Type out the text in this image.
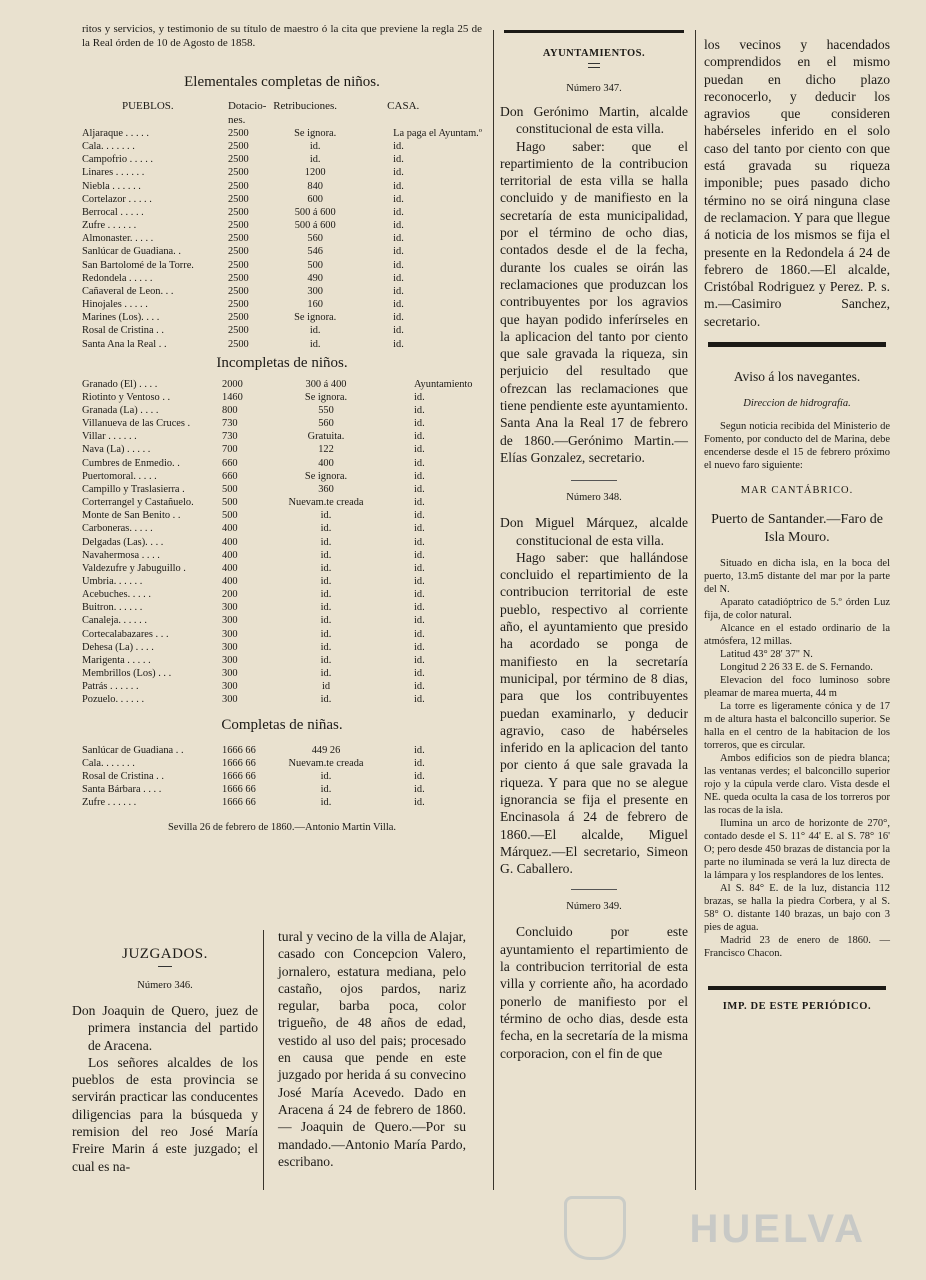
ritos y servicios, y testimonio de su título de maestro ó la cita que previene la regla 25 de la Real órden de 10 de Agosto de 1858.

Elementales completas de niños.
PUEBLOS.	Dotacio-nes.	Retribuciones.	CASA.
Aljaraque . . . . .	2500	Se ignora.	La paga el Ayuntam.º
Cala. . . . . . .	2500	id.	id.
Campofrio . . . . .	2500	id.	id.
Linares . . . . . .	2500	1200	id.
Niebla . . . . . .	2500	840	id.
Cortelazor . . . . .	2500	600	id.
Berrocal . . . . .	2500	500 á 600	id.
Zufre . . . . . .	2500	500 á 600	id.
Almonaster. . . . .	2500	560	id.
Sanlúcar de Guadiana. .	2500	546	id.
San Bartolomé de la Torre.	2500	500	id.
Redondela . . . . .	2500	490	id.
Cañaveral de Leon. . .	2500	300	id.
Hinojales . . . . .	2500	160	id.
Marines (Los). . . .	2500	Se ignora.	id.
Rosal de Cristina . .	2500	id.	id.
Santa Ana la Real . .	2500	id.	id.
Incompletas de niños.
Granado (El) . . . .	2000	300 á 400	Ayuntamiento
Riotinto y Ventoso . .	1460	Se ignora.	id.
Granada (La) . . . .	800	550	id.
Villanueva de las Cruces .	730	560	id.
Villar . . . . . .	730	Gratuita.	id.
Nava (La) . . . . .	700	122	id.
Cumbres de Enmedio. .	660	400	id.
Puertomoral. . . . .	660	Se ignora.	id.
Campillo y Traslasierra .	500	360	id.
Corterrangel y Castañuelo.	500	Nuevam.te creada	id.
Monte de San Benito . .	500	id.	id.
Carboneras. . . . .	400	id.	id.
Delgadas (Las). . . .	400	id.	id.
Navahermosa . . . .	400	id.	id.
Valdezufre y Jabuguillo .	400	id.	id.
Umbria. . . . . .	400	id.	id.
Acebuches. . . . .	200	id.	id.
Buitron. . . . . .	300	id.	id.
Canaleja. . . . . .	300	id.	id.
Cortecalabazares . . .	300	id.	id.
Dehesa (La) . . . .	300	id.	id.
Marigenta . . . . .	300	id.	id.
Membrillos (Los) . . .	300	id.	id.
Patrás . . . . . .	300	id	id.
Pozuelo. . . . . .	300	id.	id.
Completas de niñas.
Sanlúcar de Guadiana . .	1666 66	449 26	id.
Cala. . . . . . .	1666 66	Nuevam.te creada	id.
Rosal de Cristina . .	1666 66	id.	id.
Santa Bárbara . . . .	1666 66	id.	id.
Zufre . . . . . .	1666 66	id.	id.
Sevilla 26 de febrero de 1860.—Antonio Martin Villa.
JUZGADOS.
Número 346.

Don Joaquin de Quero, juez de primera instancia del partido de Aracena.

Los señores alcaldes de los pueblos de esta provincia se servirán practicar las conducentes diligencias para la búsqueda y remision del reo José María Freire Marin á este juzgado; el cual es na-

tural y vecino de la villa de Alajar, casado con Concepcion Valero, jornalero, estatura mediana, pelo castaño, ojos pardos, nariz regular, barba poca, color trigueño, de 48 años de edad, vestido al uso del pais; procesado en causa que pende en este juzgado por herida á su convecino José María Acevedo. Dado en Aracena á 24 de febrero de 1860. — Joaquin de Quero.—Por su mandado.—Antonio María Pardo, escribano.

AYUNTAMIENTOS.
Número 347.

Don Gerónimo Martin, alcalde constitucional de esta villa.

Hago saber: que el repartimiento de la contribucion territorial de esta villa se halla concluido y de manifiesto en la secretaría de esta municipalidad, por el término de ocho dias, contados desde el de la fecha, durante los cuales se oirán las reclamaciones que produzcan los contribuyentes por los agravios que hayan podido inferírseles en la aplicacion del tanto por ciento que sale gravada la riqueza, sin perjuicio del resultado que ofrezcan las reclamaciones que tiene pendiente este ayuntamiento. Santa Ana la Real 17 de febrero de 1860.—Gerónimo Martin.—Elías Gonzalez, secretario.

Número 348.

Don Miguel Márquez, alcalde constitucional de esta villa.

Hago saber: que hallándose concluido el repartimiento de la contribucion territorial de este pueblo, respectivo al corriente año, el ayuntamiento que presido ha acordado se ponga de manifiesto en la secretaría municipal, por término de 8 dias, para que los contribuyentes puedan examinarlo, y deducir agravio, caso de habérseles inferido en la aplicacion del tanto por ciento á que sale gravada la riqueza. Y para que no se alegue ignorancia se fija el presente en Encinasola á 24 de febrero de 1860.—El alcalde, Miguel Márquez.—El secretario, Simeon G. Caballero.

Número 349.

Concluido por este ayuntamiento el repartimiento de la contribucion territorial de esta villa y corriente año, ha acordado ponerlo de manifiesto por el término de ocho dias, desde esta fecha, en la secretaría de la misma corporacion, con el fin de que

los vecinos y hacendados comprendidos en el mismo puedan en dicho plazo reconocerlo, y deducir los agravios que consideren habérseles inferido en el solo caso del tanto por ciento con que está gravada su riqueza imponible; pues pasado dicho término no se oirá ninguna clase de reclamacion. Y para que llegue á noticia de los mismos se fija el presente en la Redondela á 24 de febrero de 1860.—El alcalde, Cristóbal Rodriguez y Perez. P. s. m.—Casimiro Sanchez, secretario.

Aviso á los navegantes.
Direccion de hidrografía.

Segun noticia recibida del Ministerio de Fomento, por conducto del de Marina, debe encenderse desde el 15 de febrero próximo el nuevo faro siguiente:

MAR CANTÁBRICO.
Puerto de Santander.—Faro de Isla Mouro.

Situado en dicha isla, en la boca del puerto, 13.m5 distante del mar por la parte del N.

Aparato catadióptrico de 5.º órden Luz fija, de color natural.

Alcance en el estado ordinario de la atmósfera, 12 millas.

Latitud 43° 28' 37" N.

Longitud 2 26 33 E. de S. Fernando.

Elevacion del foco luminoso sobre pleamar de marea muerta, 44 m

La torre es ligeramente cónica y de 17 m de altura hasta el balconcillo superior. Se halla en el centro de la habitacion de los torreros, que es circular.

Ambos edificios son de piedra blanca; las ventanas verdes; el balconcillo superior rojo y la cúpula verde claro. Vista desde el NE. queda oculta la casa de los torreros por las rocas de la isla.

Ilumina un arco de horizonte de 270°, contado desde el S. 11° 44' E. al S. 78° 16' O; pero desde 450 brazas de distancia por la parte no iluminada se verá la luz directa de la lámpara y los resplandores de los lentes.

Al S. 84° E. de la luz, distancia 112 brazas, se halla la piedra Corbera, y al S. 58° O. distante 140 brazas, un bajo con 3 pies de agua.

Madrid 23 de enero de 1860. — Francisco Chacon.

IMP. DE ESTE PERIÓDICO.
HUELVA
